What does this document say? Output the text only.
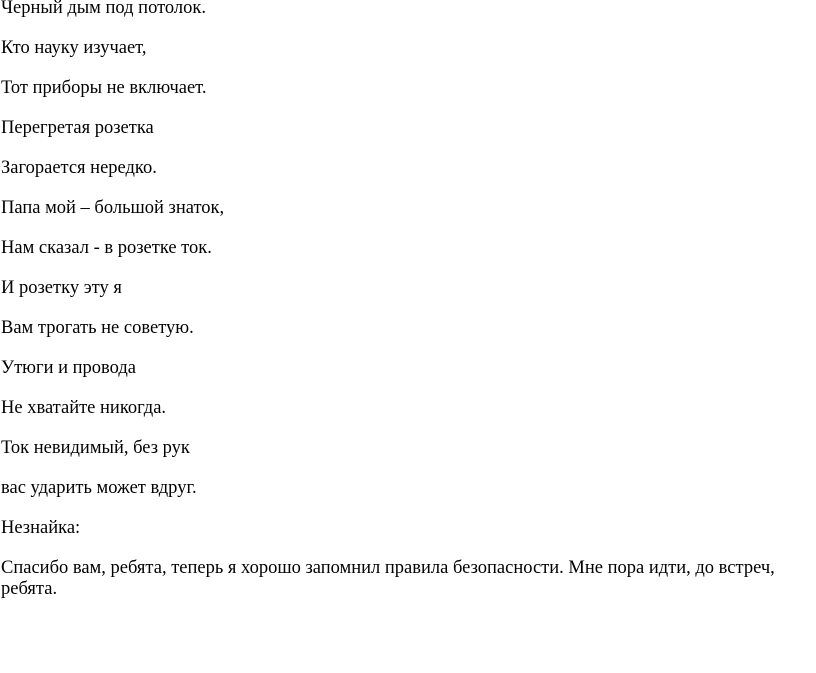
Черный дым под потолок.

Кто науку изучает,

Тот приборы не включает.

Перегретая розетка

Загорается нередко.

Папа мой – большой знаток,

Нам сказал - в розетке ток.

И розетку эту я

Вам трогать не советую.

Утюги и провода

Не хватайте никогда.

Ток невидимый, без рук

вас ударить может вдруг.

Незнайка:

Спасибо вам, ребята, теперь я хорошо запомнил правила безопасности. Мне пора идти, до встреч, ребята.
